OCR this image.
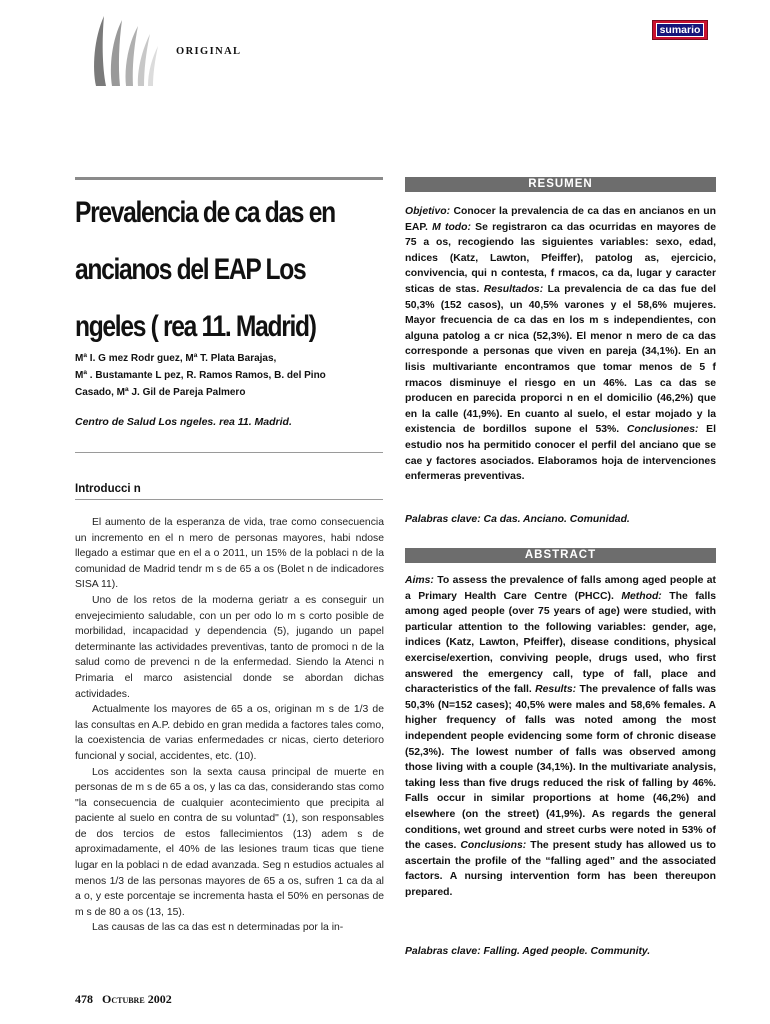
ORIGINAL
sumario
Prevalencia de ca das en
ancianos del EAP Los
ngeles ( rea 11. Madrid)
Mª I. G mez Rodr guez, Mª T. Plata Barajas,
Mª . Bustamante L pez, R. Ramos Ramos, B. del Pino
Casado, Mª J. Gil de Pareja Palmero
Centro de Salud Los ngeles. rea 11. Madrid.
Introducci n

El aumento de la esperanza de vida, trae como consecuencia un incremento en el n mero de personas mayores, habi ndose llegado a estimar que en el a o 2011, un 15% de la poblaci n de la comunidad de Madrid tendr m s de 65 a os (Bolet n de indicadores SISA 11).

Uno de los retos de la moderna geriatr a es conseguir un envejecimiento saludable, con un per odo lo m s corto posible de morbilidad, incapacidad y dependencia (5), jugando un papel determinante las actividades preventivas, tanto de promoci n de la salud como de prevenci n de la enfermedad. Siendo la Atenci n Primaria el marco asistencial donde se abordan dichas actividades.

Actualmente los mayores de 65 a os, originan m s de 1/3 de las consultas en A.P. debido en gran medida a factores tales como, la coexistencia de varias enfermedades cr nicas, cierto deterioro funcional y social, accidentes, etc. (10).

Los accidentes son la sexta causa principal de muerte en personas de m s de 65 a os, y las ca das, considerando stas como "la consecuencia de cualquier acontecimiento que precipita al paciente al suelo en contra de su voluntad" (1), son responsables de dos tercios de estos fallecimientos (13) adem s de aproximadamente, el 40% de las lesiones traum ticas que tiene lugar en la poblaci n de edad avanzada. Seg n estudios actuales al menos 1/3 de las personas mayores de 65 a os, sufren 1 ca da al a o, y este porcentaje se incrementa hasta el 50% en personas de m s de 80 a os (13, 15).

Las causas de las ca das est n determinadas por la in-

478 Octubre 2002
RESUMEN
Objetivo: Conocer la prevalencia de ca das en ancianos en un EAP. M todo: Se registraron ca das ocurridas en mayores de 75 a os, recogiendo las siguientes variables: sexo, edad, ndices (Katz, Lawton, Pfeiffer), patolog as, ejercicio, convivencia, qui n contesta, f rmacos, ca da, lugar y caracter sticas de stas. Resultados: La prevalencia de ca das fue del 50,3% (152 casos), un 40,5% varones y el 58,6% mujeres. Mayor frecuencia de ca das en los m s independientes, con alguna patolog a cr nica (52,3%). El menor n mero de ca das corresponde a personas que viven en pareja (34,1%). En an lisis multivariante encontramos que tomar menos de 5 f rmacos disminuye el riesgo en un 46%. Las ca das se producen en parecida proporci n en el domicilio (46,2%) que en la calle (41,9%). En cuanto al suelo, el estar mojado y la existencia de bordillos supone el 53%. Conclusiones: El estudio nos ha permitido conocer el perfil del anciano que se cae y factores asociados. Elaboramos hoja de intervenciones enfermeras preventivas.
Palabras clave: Ca das. Anciano. Comunidad.
ABSTRACT
Aims: To assess the prevalence of falls among aged people at a Primary Health Care Centre (PHCC). Method: The falls among aged people (over 75 years of age) were studied, with particular attention to the following variables: gender, age, indices (Katz, Lawton, Pfeiffer), disease conditions, physical exercise/exertion, conviving people, drugs used, who first answered the emergency call, type of fall, place and characteristics of the fall. Results: The prevalence of falls was 50,3% (N=152 cases); 40,5% were males and 58,6% females. A higher frequency of falls was noted among the most independent people evidencing some form of chronic disease (52,3%). The lowest number of falls was observed among those living with a couple (34,1%). In the multivariate analysis, taking less than five drugs reduced the risk of falling by 46%. Falls occur in similar proportions at home (46,2%) and elsewhere (on the street) (41,9%). As regards the general conditions, wet ground and street curbs were noted in 53% of the cases. Conclusions: The present study has allowed us to ascertain the profile of the “falling aged” and the associated factors. A nursing intervention form has been thereupon prepared.
Palabras clave: Falling. Aged people. Community.
